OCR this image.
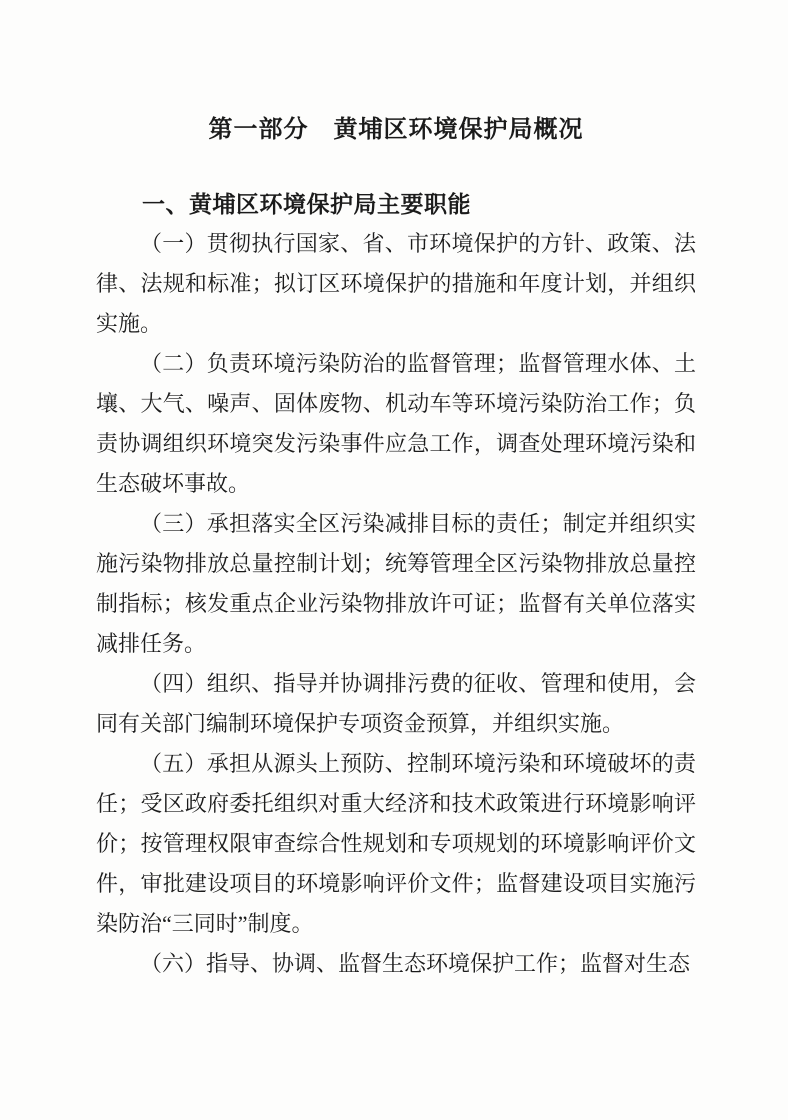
第一部分　黄埔区环境保护局概况
一、黄埔区环境保护局主要职能

（一）贯彻执行国家、省、市环境保护的方针、政策、法律、法规和标准；拟订区环境保护的措施和年度计划，并组织实施。

（二）负责环境污染防治的监督管理；监督管理水体、土壤、大气、噪声、固体废物、机动车等环境污染防治工作；负责协调组织环境突发污染事件应急工作，调查处理环境污染和生态破坏事故。

（三）承担落实全区污染减排目标的责任；制定并组织实施污染物排放总量控制计划；统筹管理全区污染物排放总量控制指标；核发重点企业污染物排放许可证；监督有关单位落实减排任务。

（四）组织、指导并协调排污费的征收、管理和使用，会同有关部门编制环境保护专项资金预算，并组织实施。

（五）承担从源头上预防、控制环境污染和环境破坏的责任；受区政府委托组织对重大经济和技术政策进行环境影响评价；按管理权限审查综合性规划和专项规划的环境影响评价文件，审批建设项目的环境影响评价文件；监督建设项目实施污染防治“三同时”制度。

（六）指导、协调、监督生态环境保护工作；监督对生态
